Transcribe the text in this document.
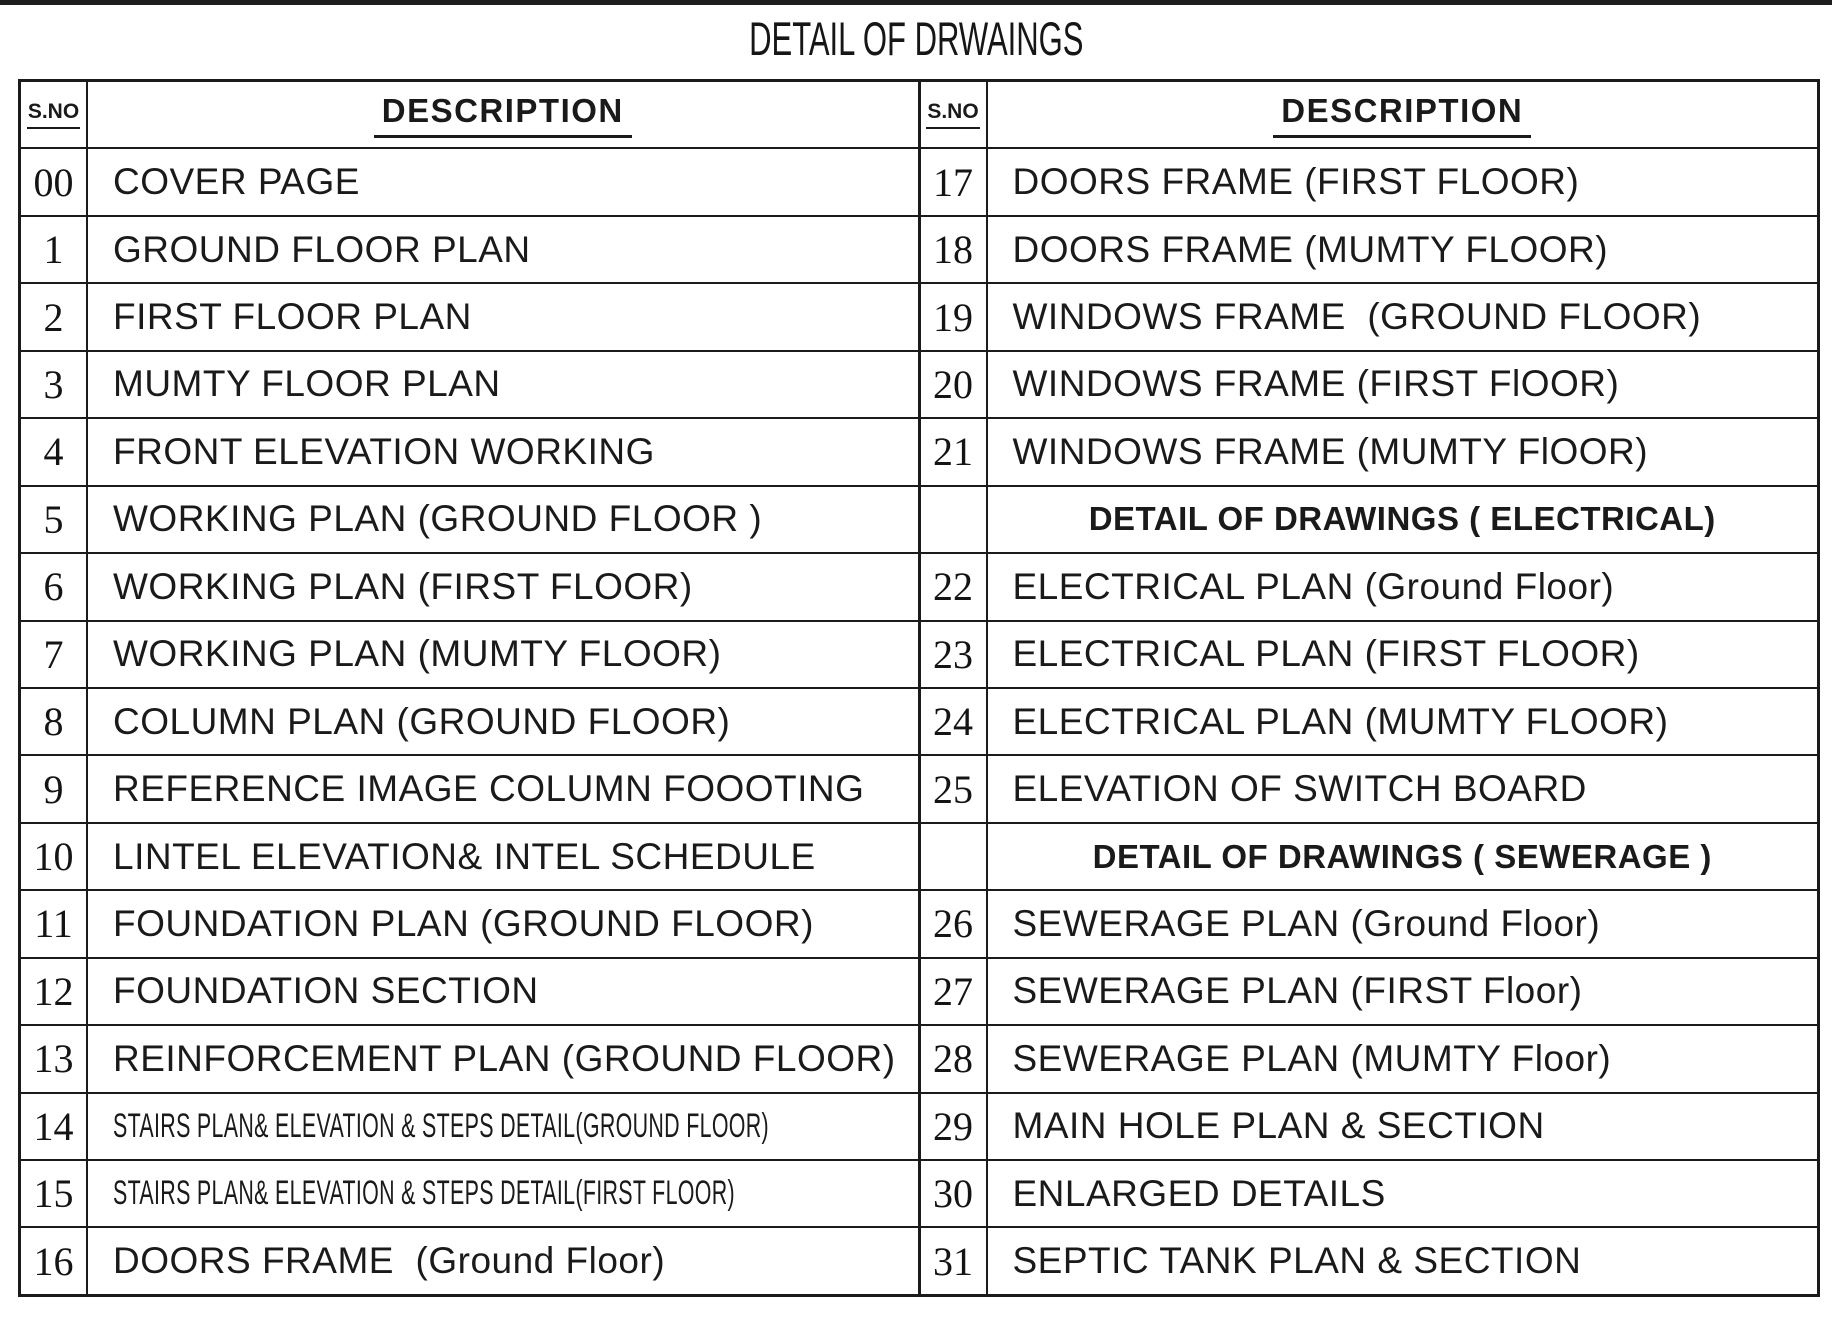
DETAIL OF DRWAINGS
S.NO	DESCRIPTION
00 COVER PAGE
1 GROUND FLOOR PLAN
2 FIRST FLOOR PLAN
3 MUMTY FLOOR PLAN
4 FRONT ELEVATION WORKING
5 WORKING PLAN (GROUND FLOOR )
6 WORKING PLAN (FIRST FLOOR)
7 WORKING PLAN (MUMTY FLOOR)
8 COLUMN PLAN (GROUND FLOOR)
9 REFERENCE IMAGE COLUMN FOOOTING
10 LINTEL ELEVATION& INTEL SCHEDULE
11 FOUNDATION PLAN (GROUND FLOOR)
12 FOUNDATION SECTION
13 REINFORCEMENT PLAN (GROUND FLOOR)
14 STAIRS PLAN& ELEVATION & STEPS DETAIL(GROUND FLOOR)
15 STAIRS PLAN& ELEVATION & STEPS DETAIL(FIRST FLOOR)
16 DOORS FRAME  (Ground Floor)
S.NO	DESCRIPTION
17 DOORS FRAME (FIRST FLOOR)
18 DOORS FRAME (MUMTY FLOOR)
19 WINDOWS FRAME  (GROUND FLOOR)
20 WINDOWS FRAME (FIRST FlOOR)
21 WINDOWS FRAME (MUMTY FlOOR)
DETAIL OF DRAWINGS ( ELECTRICAL)
22 ELECTRICAL PLAN (Ground Floor)
23 ELECTRICAL PLAN (FIRST FLOOR)
24 ELECTRICAL PLAN (MUMTY FLOOR)
25 ELEVATION OF SWITCH BOARD
DETAIL OF DRAWINGS ( SEWERAGE )
26 SEWERAGE PLAN (Ground Floor)
27 SEWERAGE PLAN (FIRST Floor)
28 SEWERAGE PLAN (MUMTY Floor)
29 MAIN HOLE PLAN & SECTION
30 ENLARGED DETAILS
31 SEPTIC TANK PLAN & SECTION
